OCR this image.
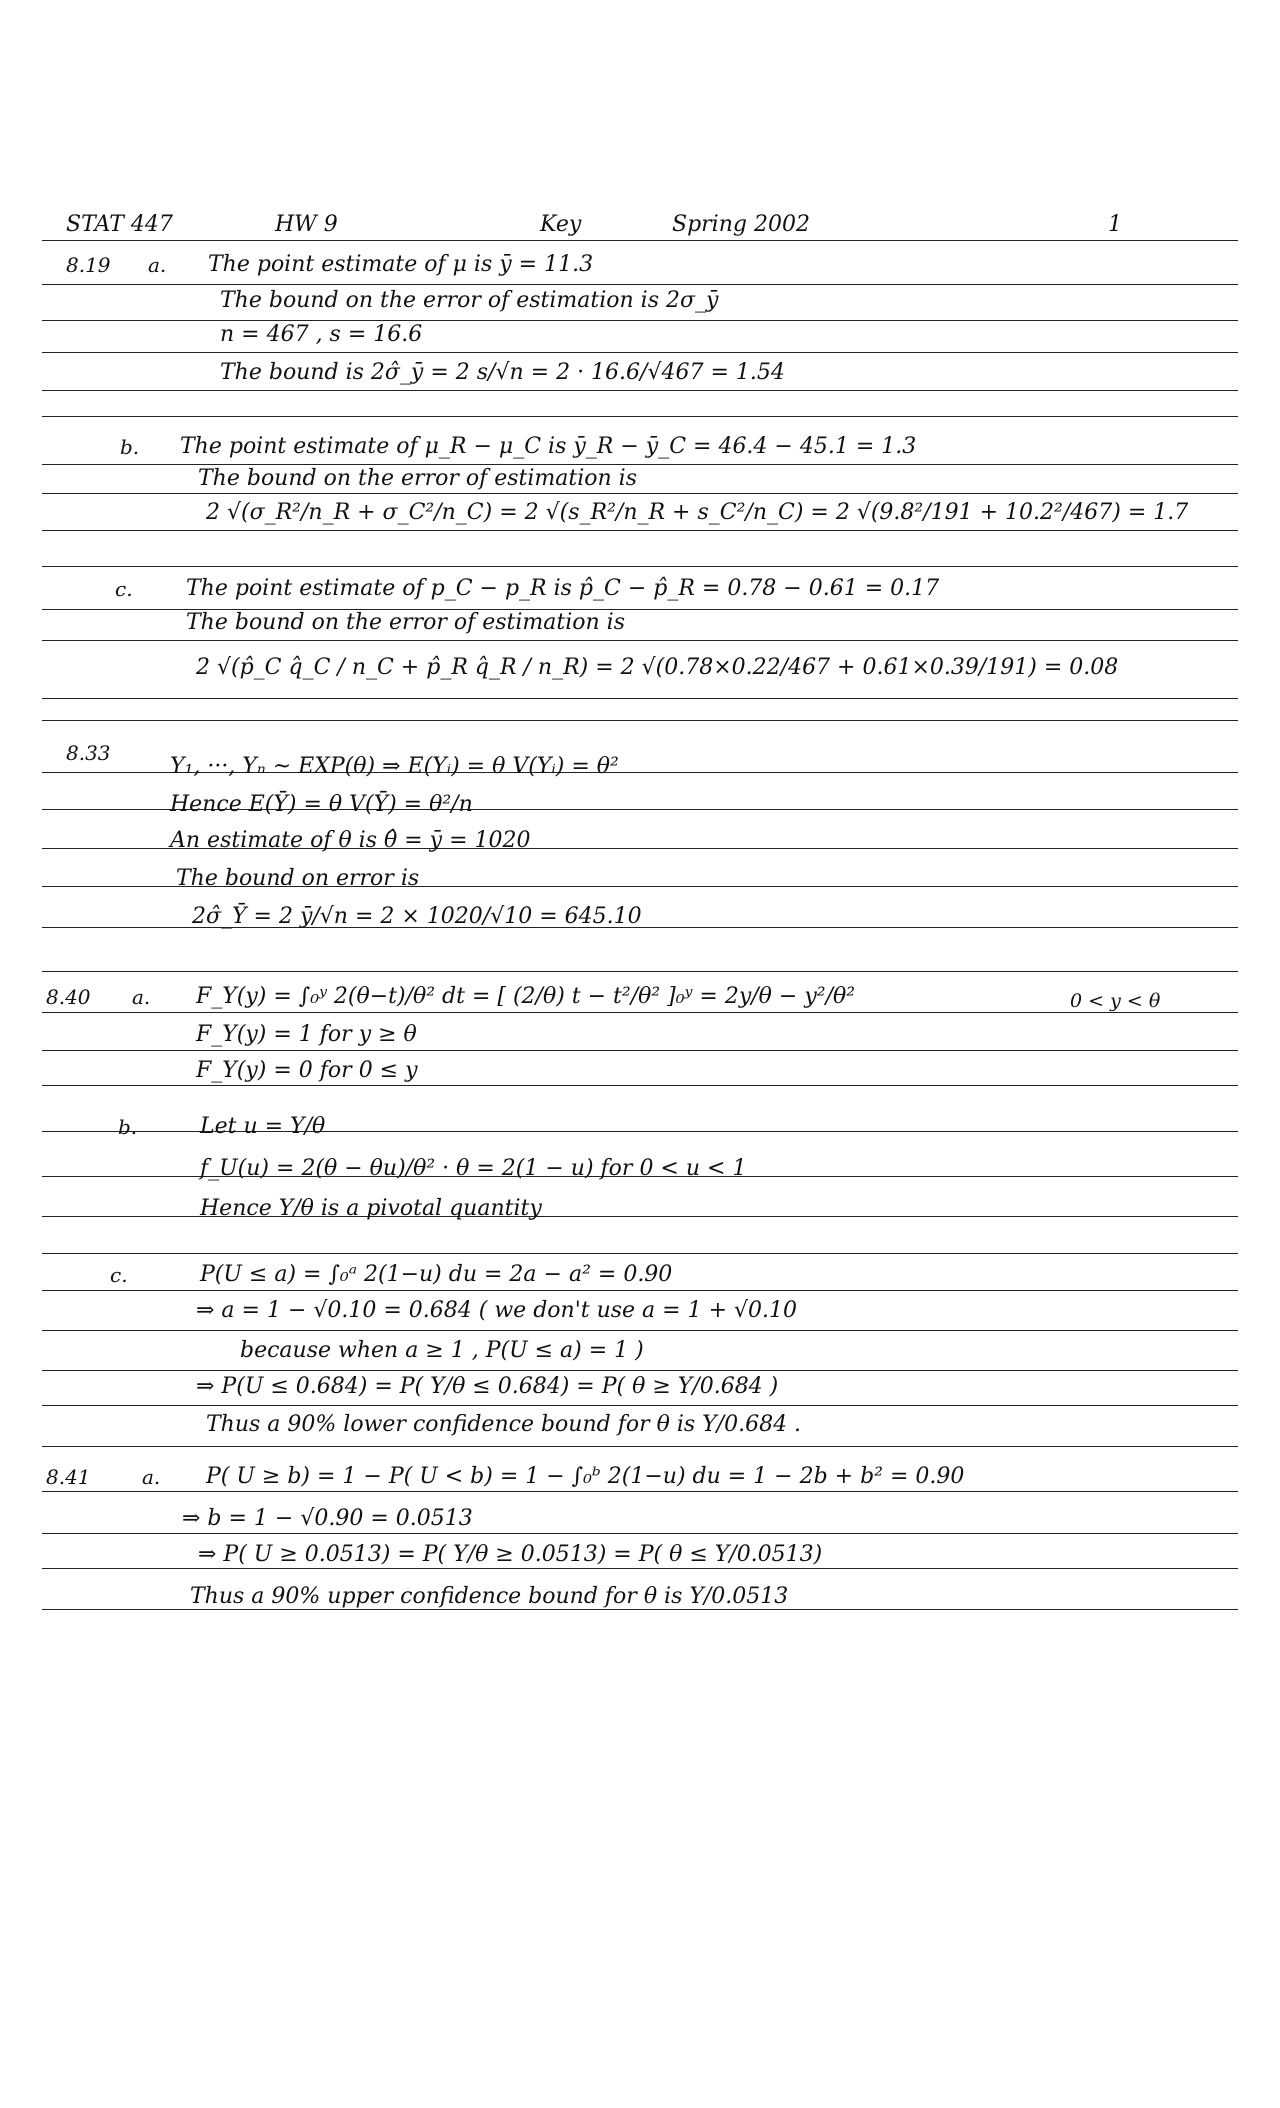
STAT 447	HW 9	Key	Spring 2002	1
8.19 a. The point estimate of μ is ȳ = 11.3
The bound on the error of estimation is 2σ_ȳ
n = 467 , s = 16.6
The bound is 2σ̂_ȳ = 2 s/√n = 2 · 16.6/√467 = 1.54
b. The point estimate of μ_R − μ_C is ȳ_R − ȳ_C = 46.4 − 45.1 = 1.3
The bound on the error of estimation is
2 √(σ_R²/n_R + σ_C²/n_C) = 2 √(s_R²/n_R + s_C²/n_C) = 2 √(9.8²/191 + 10.2²/467) = 1.7
c. The point estimate of p_C − p_R is p̂_C − p̂_R = 0.78 − 0.61 = 0.17
The bound on the error of estimation is
2 √(p̂_C q̂_C / n_C + p̂_R q̂_R / n_R) = 2 √(0.78×0.22/467 + 0.61×0.39/191) = 0.08
8.33
Y₁, ···, Yₙ ~ EXP(θ) ⇒ E(Yᵢ) = θ V(Yᵢ) = θ²
Hence E(Ȳ) = θ V(Ȳ) = θ²/n
An estimate of θ is θ̂ = ȳ = 1020
The bound on error is
2σ̂_Ȳ = 2 ȳ/√n = 2 × 1020/√10 = 645.10
8.40 a. F_Y(y) = ∫₀ʸ 2(θ−t)/θ² dt = [ (2/θ) t − t²/θ² ]₀ʸ = 2y/θ − y²/θ²	0 < y < θ
F_Y(y) = 1 for y ≥ θ
F_Y(y) = 0 for 0 ≤ y
b.	Let u = Y/θ
f_U(u) = 2(θ − θu)/θ² · θ = 2(1 − u) for 0 < u < 1
Hence Y/θ is a pivotal quantity
c.	P(U ≤ a) = ∫₀ᵃ 2(1−u) du = 2a − a² = 0.90
⇒ a = 1 − √0.10 = 0.684 ( we don't use a = 1 + √0.10
because when a ≥ 1 , P(U ≤ a) = 1 )
⇒ P(U ≤ 0.684) = P( Y/θ ≤ 0.684) = P( θ ≥ Y/0.684 )
Thus a 90% lower confidence bound for θ is Y/0.684 .
8.41	a. P( U ≥ b) = 1 − P( U < b) = 1 − ∫₀ᵇ 2(1−u) du = 1 − 2b + b² = 0.90
⇒ b = 1 − √0.90 = 0.0513
⇒ P( U ≥ 0.0513) = P( Y/θ ≥ 0.0513) = P( θ ≤ Y/0.0513)
Thus a 90% upper confidence bound for θ is Y/0.0513
